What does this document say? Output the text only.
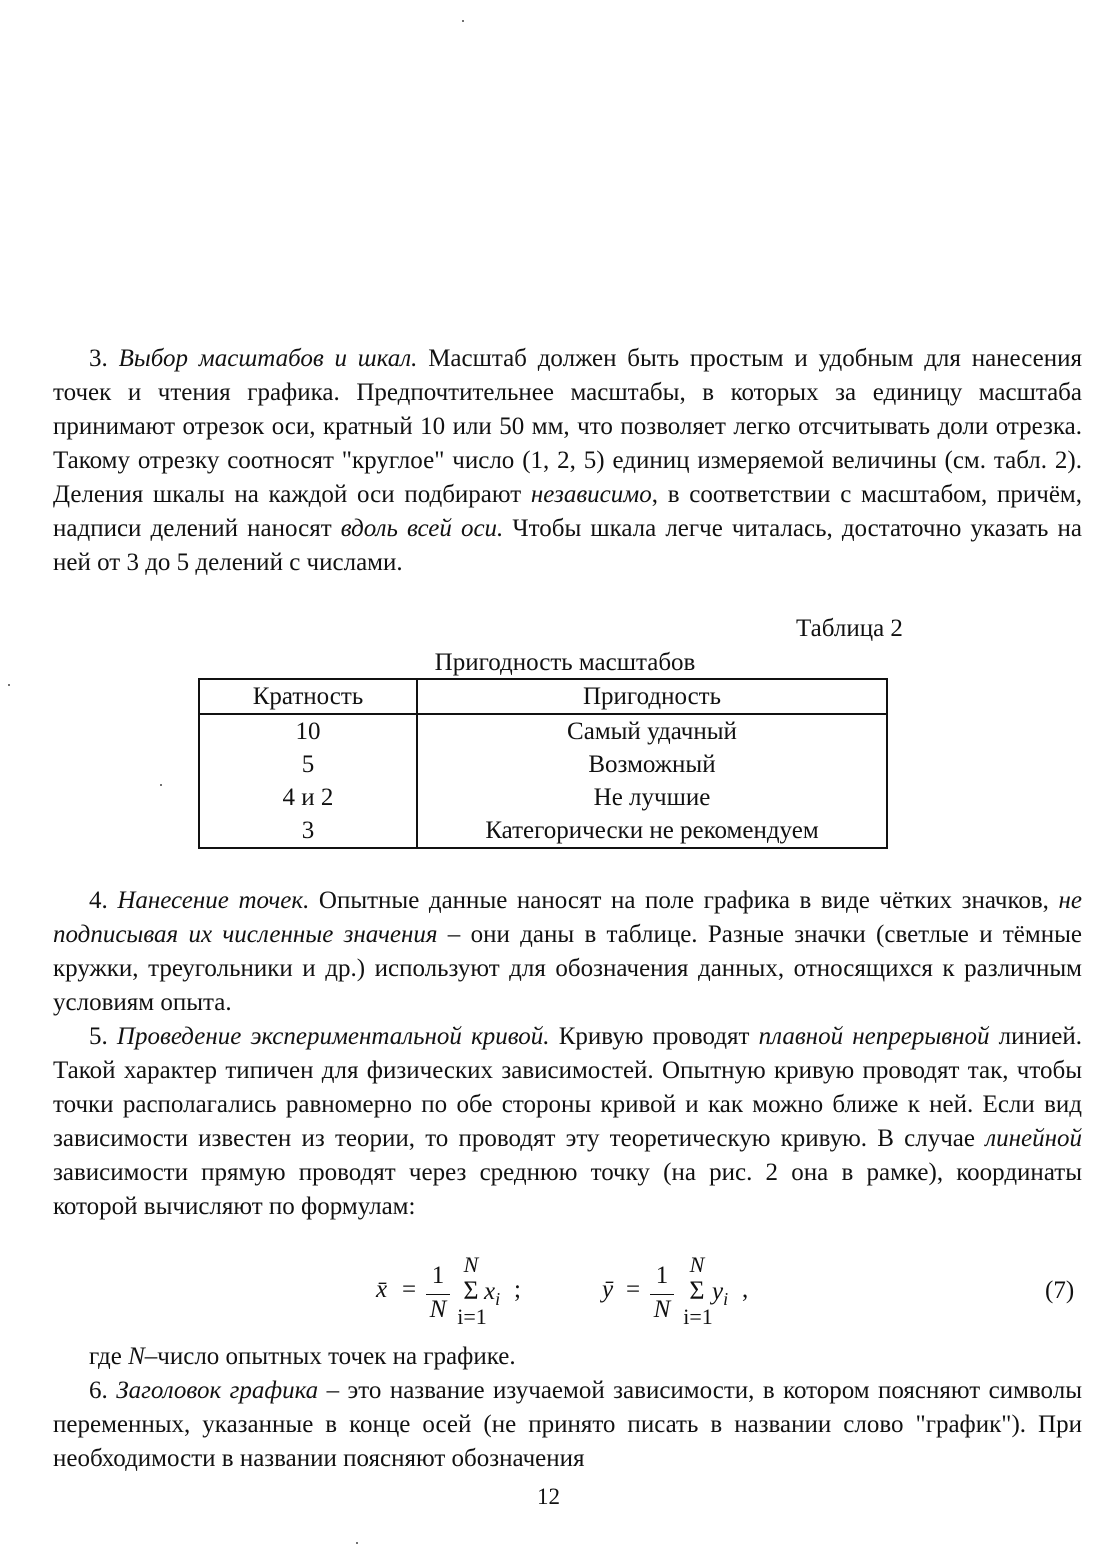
3. Выбор масштабов и шкал. Масштаб должен быть простым и удобным для нанесения точек и чтения графика. Предпочтительнее масштабы, в которых за единицу масштаба принимают отрезок оси, кратный 10 или 50 мм, что позволяет легко отсчитывать доли отрезка. Такому отрезку соотносят "круглое" число (1, 2, 5) единиц измеряемой величины (см. табл. 2). Деления шкалы на каждой оси подбирают независимо, в соответствии с масштабом, причём, надписи делений наносят вдоль всей оси. Чтобы шкала легче читалась, достаточно указать на ней от 3 до 5 делений с числами.

Таблица 2
Пригодность масштабов
Кратность	Пригодность
10	Самый удачный
5	Возможный
4 и 2	Не лучшие
3	Категорически не рекомендуем

4. Нанесение точек. Опытные данные наносят на поле графика в виде чётких значков, не подписывая их численные значения – они даны в таблице. Разные значки (светлые и тёмные кружки, треугольники и др.) используют для обозначения данных, относящихся к различным условиям опыта.

5. Проведение экспериментальной кривой. Кривую проводят плавной непрерывной линией. Такой характер типичен для физических зависимостей. Опытную кривую проводят так, чтобы точки располагались равномерно по обе стороны кривой и как можно ближе к ней. Если вид зависимости известен из теории, то проводят эту теоретическую кривую. В случае линейной зависимости прямую проводят через среднюю точку (на рис. 2 она в рамке), координаты которой вычисляют по формулам:

x̄ =
1
N
N
Σ
i=1
$x_i$ ;	ȳ =
1
N
N
Σ
i=1
$y_i$ ,	(7)

где N–число опытных точек на графике.

6. Заголовок графика – это название изучаемой зависимости, в котором поясняют символы переменных, указанные в конце осей (не принято писать в названии слово "график"). При необходимости в названии поясняют обозначения

12
